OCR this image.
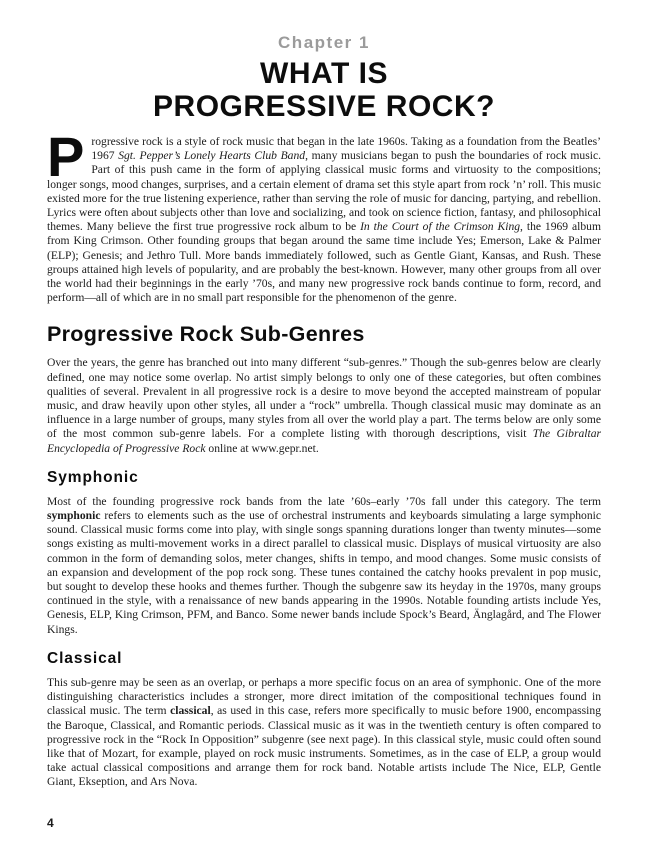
Chapter 1
WHAT IS
PROGRESSIVE ROCK?

Progressive rock is a style of rock music that began in the late 1960s. Taking as a foundation from the Beatles’ 1967 Sgt. Pepper’s Lonely Hearts Club Band, many musicians began to push the boundaries of rock music. Part of this push came in the form of applying classical music forms and virtuosity to the compositions; longer songs, mood changes, surprises, and a certain element of drama set this style apart from rock ’n’ roll. This music existed more for the true listening experience, rather than serving the role of music for dancing, partying, and rebellion. Lyrics were often about subjects other than love and socializing, and took on science fiction, fantasy, and philosophical themes. Many believe the first true progressive rock album to be In the Court of the Crimson King, the 1969 album from King Crimson. Other founding groups that began around the same time include Yes; Emerson, Lake & Palmer (ELP); Genesis; and Jethro Tull. More bands immediately followed, such as Gentle Giant, Kansas, and Rush. These groups attained high levels of popularity, and are probably the best-known. However, many other groups from all over the world had their beginnings in the early ’70s, and many new progressive rock bands continue to form, record, and perform—all of which are in no small part responsible for the phenomenon of the genre.

Progressive Rock Sub-Genres

Over the years, the genre has branched out into many different “sub-genres.” Though the sub-genres below are clearly defined, one may notice some overlap. No artist simply belongs to only one of these categories, but often combines qualities of several. Prevalent in all progressive rock is a desire to move beyond the accepted mainstream of popular music, and draw heavily upon other styles, all under a “rock” umbrella. Though classical music may dominate as an influence in a large number of groups, many styles from all over the world play a part. The terms below are only some of the most common sub-genre labels. For a complete listing with thorough descriptions, visit The Gibraltar Encyclopedia of Progressive Rock online at www.gepr.net.

Symphonic

Most of the founding progressive rock bands from the late ’60s–early ’70s fall under this category. The term symphonic refers to elements such as the use of orchestral instruments and keyboards simulating a large symphonic sound. Classical music forms come into play, with single songs spanning durations longer than twenty minutes—some songs existing as multi-movement works in a direct parallel to classical music. Displays of musical virtuosity are also common in the form of demanding solos, meter changes, shifts in tempo, and mood changes. Some music consists of an expansion and development of the pop rock song. These tunes contained the catchy hooks prevalent in pop music, but sought to develop these hooks and themes further. Though the subgenre saw its heyday in the 1970s, many groups continued in the style, with a renaissance of new bands appearing in the 1990s. Notable founding artists include Yes, Genesis, ELP, King Crimson, PFM, and Banco. Some newer bands include Spock’s Beard, Änglagård, and The Flower Kings.

Classical

This sub-genre may be seen as an overlap, or perhaps a more specific focus on an area of symphonic. One of the more distinguishing characteristics includes a stronger, more direct imitation of the compositional techniques found in classical music. The term classical, as used in this case, refers more specifically to music before 1900, encompassing the Baroque, Classical, and Romantic periods. Classical music as it was in the twentieth century is often compared to progressive rock in the “Rock In Opposition” subgenre (see next page). In this classical style, music could often sound like that of Mozart, for example, played on rock music instruments. Sometimes, as in the case of ELP, a group would take actual classical compositions and arrange them for rock band. Notable artists include The Nice, ELP, Gentle Giant, Ekseption, and Ars Nova.

4
